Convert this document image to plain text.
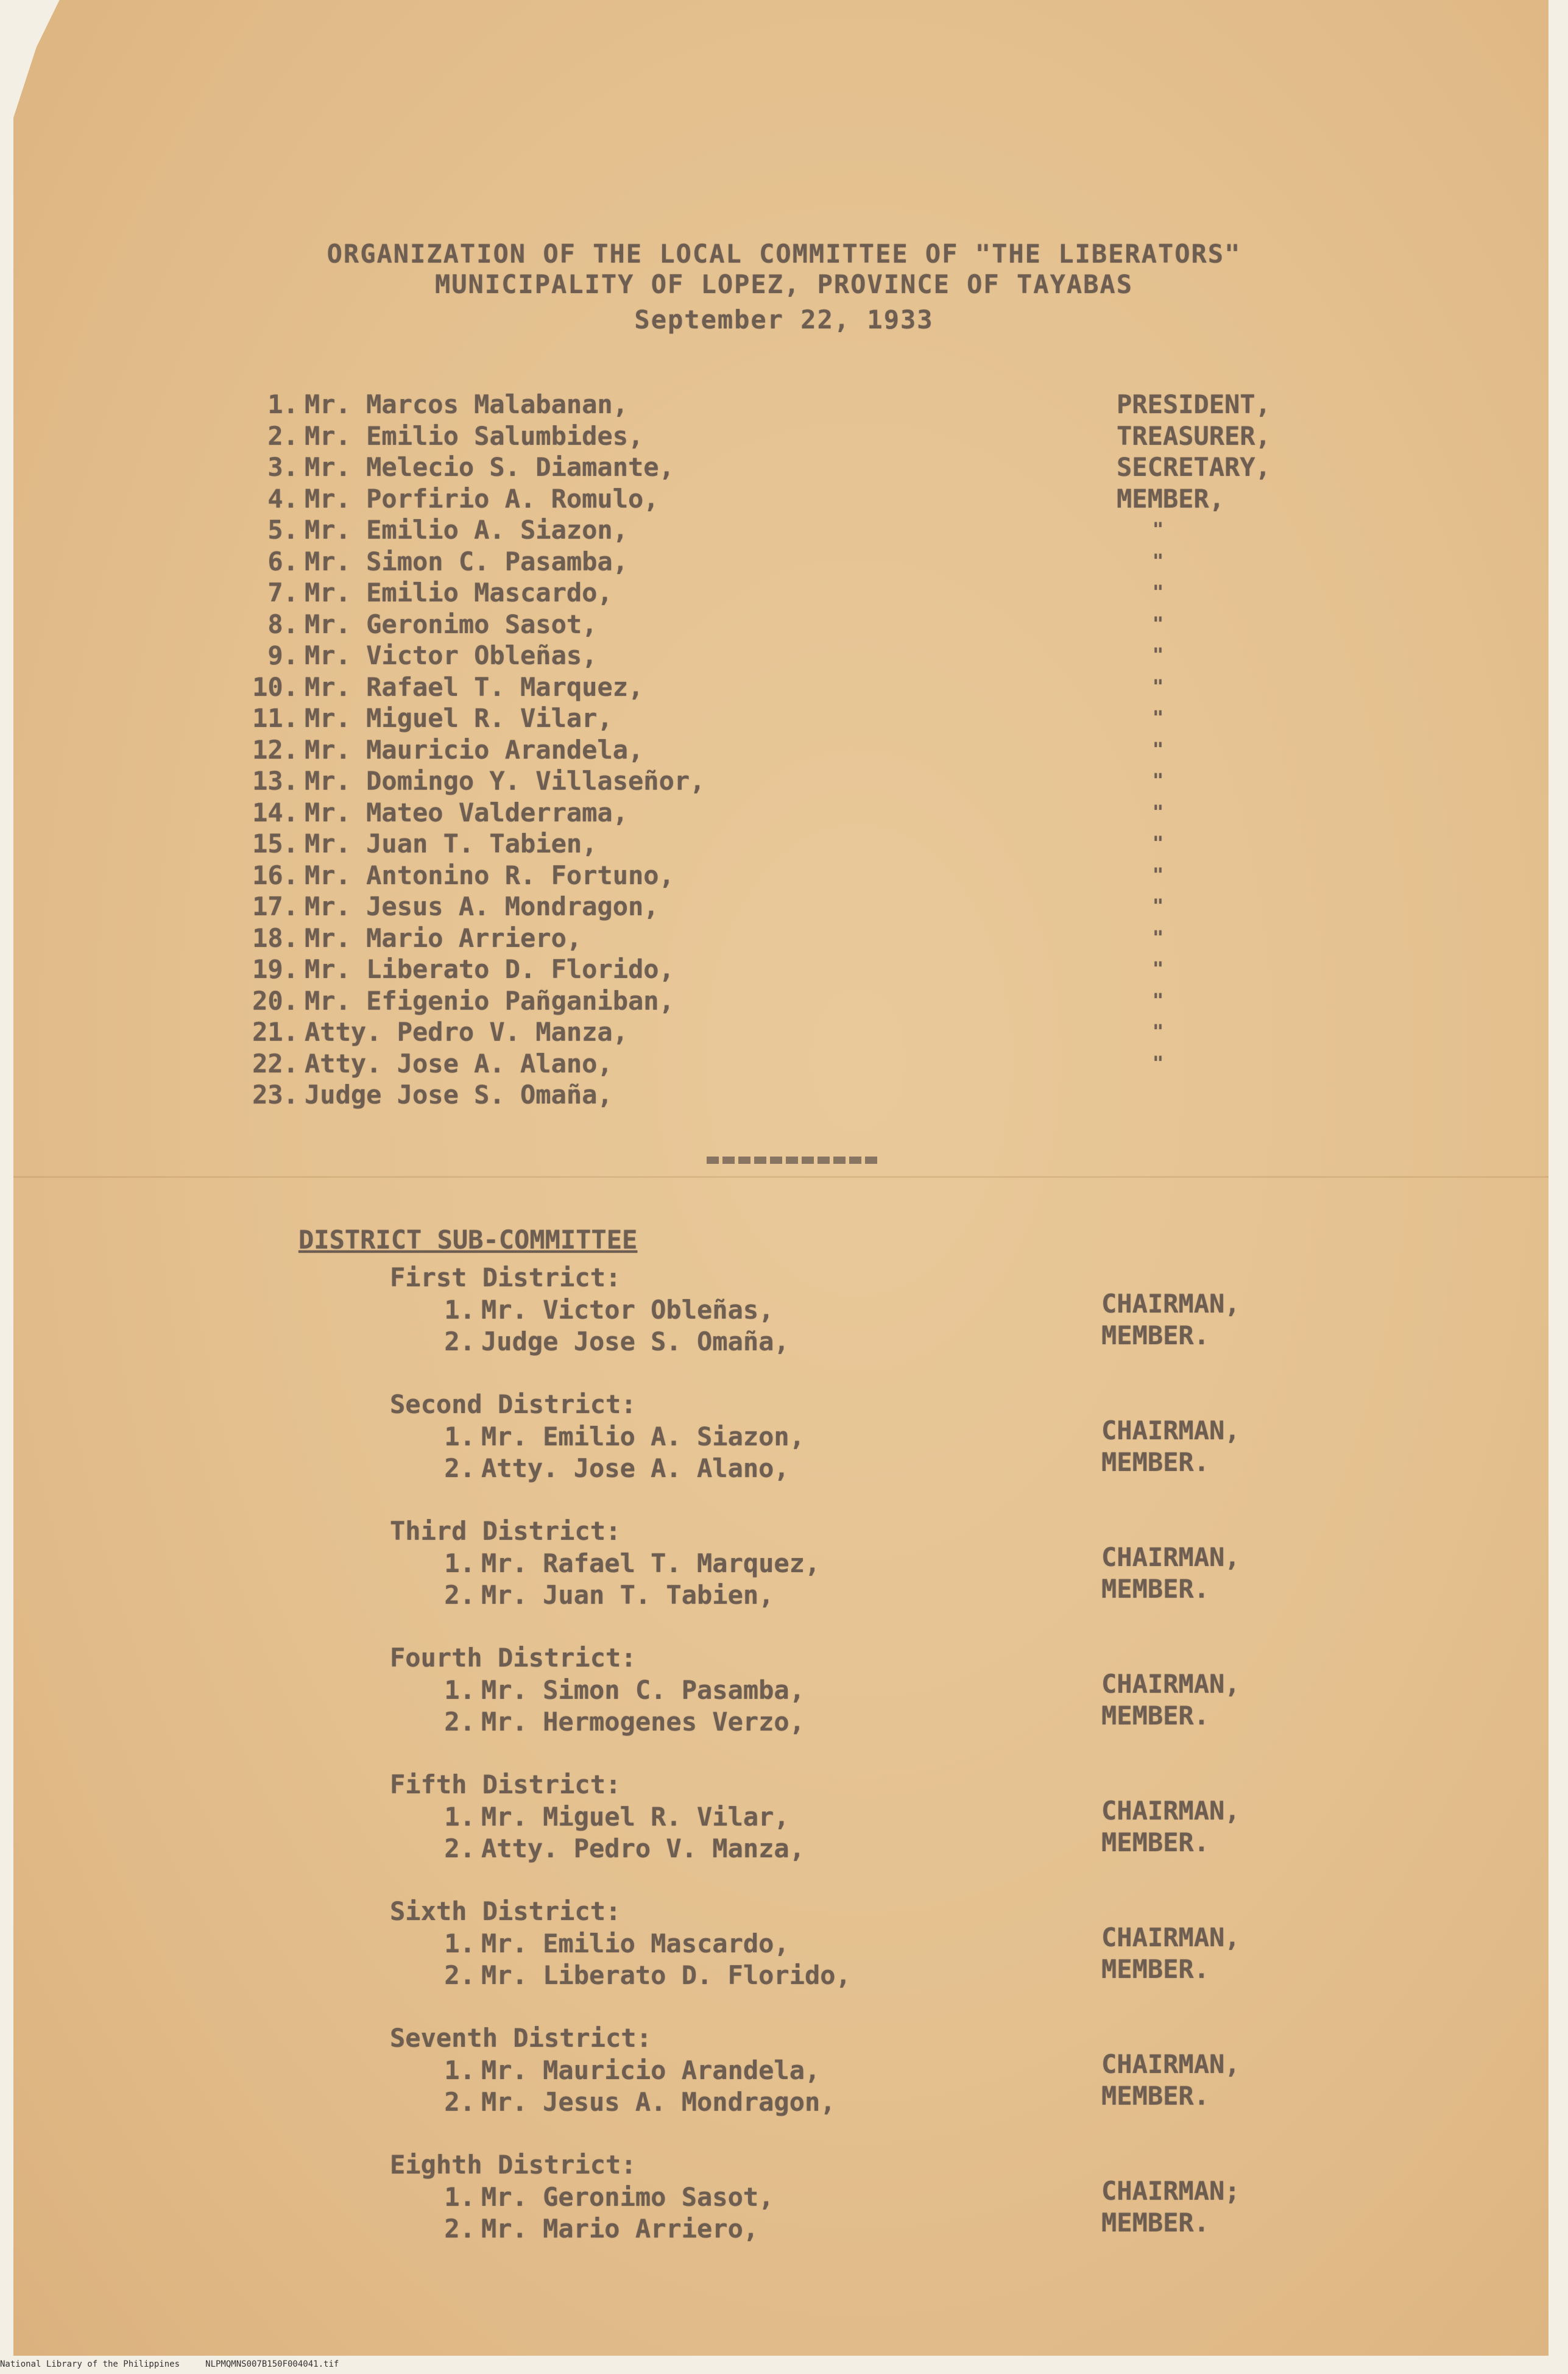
ORGANIZATION OF THE LOCAL COMMITTEE OF "THE LIBERATORS"
MUNICIPALITY OF LOPEZ, PROVINCE OF TAYABAS
September 22, 1933
1. Mr. Marcos Malabanan,	PRESIDENT,
2. Mr. Emilio Salumbides,	TREASURER,
3. Mr. Melecio S. Diamante,	SECRETARY,
4. Mr. Porfirio A. Romulo,	MEMBER,
5. Mr. Emilio A. Siazon,	"
6. Mr. Simon C. Pasamba,	"
7. Mr. Emilio Mascardo,	"
8. Mr. Geronimo Sasot,	"
9. Mr. Victor Obleñas,	"
10. Mr. Rafael T. Marquez,	"
11. Mr. Miguel R. Vilar,	"
12. Mr. Mauricio Arandela,	"
13. Mr. Domingo Y. Villaseñor,	"
14. Mr. Mateo Valderrama,	"
15. Mr. Juan T. Tabien,	"
16. Mr. Antonino R. Fortuno,	"
17. Mr. Jesus A. Mondragon,	"
18. Mr. Mario Arriero,	"
19. Mr. Liberato D. Florido,	"
20. Mr. Efigenio Pañganiban,	"
21. Atty. Pedro V. Manza,	"
22. Atty. Jose A. Alano,	"
23. Judge Jose S. Omaña,
DISTRICT SUB-COMMITTEE
First District:
1. Mr. Victor Obleñas,	CHAIRMAN,
2. Judge Jose S. Omaña,	MEMBER.
Second District:
1. Mr. Emilio A. Siazon,	CHAIRMAN,
2. Atty. Jose A. Alano,	MEMBER.
Third District:
1. Mr. Rafael T. Marquez,	CHAIRMAN,
2. Mr. Juan T. Tabien,	MEMBER.
Fourth District:
1. Mr. Simon C. Pasamba,	CHAIRMAN,
2. Mr. Hermogenes Verzo,	MEMBER.
Fifth District:
1. Mr. Miguel R. Vilar,	CHAIRMAN,
2. Atty. Pedro V. Manza,	MEMBER.
Sixth District:
1. Mr. Emilio Mascardo,	CHAIRMAN,
2. Mr. Liberato D. Florido,	MEMBER.
Seventh District:
1. Mr. Mauricio Arandela,	CHAIRMAN,
2. Mr. Jesus A. Mondragon,	MEMBER.
Eighth District:
1. Mr. Geronimo Sasot,	CHAIRMAN;
2. Mr. Mario Arriero,	MEMBER.
National Library of the Philippines     NLPMQMNS007B150F004041.tif
